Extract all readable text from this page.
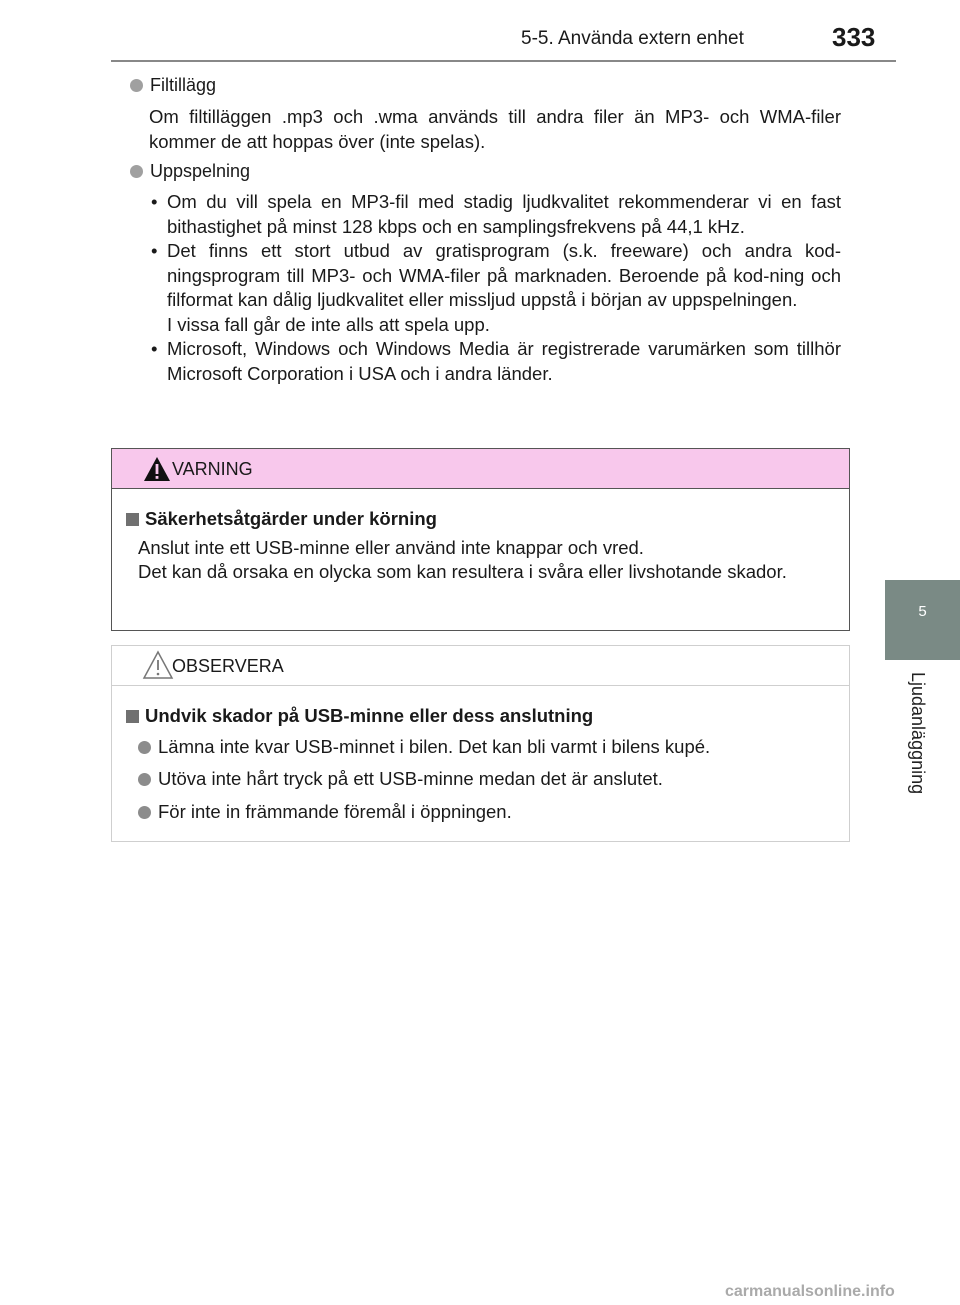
5-5. Använda extern enhet	333
5
Ljudanläggning
Filtillägg
Om filtilläggen .mp3 och .wma används till andra filer än MP3- och WMA-filer kommer de att hoppas över (inte spelas).
Uppspelning
• Om du vill spela en MP3-fil med stadig ljudkvalitet rekommenderar vi en fast bithastighet på minst 128 kbps och en samplingsfrekvens på 44,1 kHz.
• Det finns ett stort utbud av gratisprogram (s.k. freeware) och andra kod-ningsprogram till MP3- och WMA-filer på marknaden. Beroende på kod-ning och filformat kan dålig ljudkvalitet eller missljud uppstå i början av uppspelningen.
I vissa fall går de inte alls att spela upp.
• Microsoft, Windows och Windows Media är registrerade varumärken som tillhör Microsoft Corporation i USA och i andra länder.
VARNING
Säkerhetsåtgärder under körning
Anslut inte ett USB-minne eller använd inte knappar och vred.
Det kan då orsaka en olycka som kan resultera i svåra eller livshotande skador.
OBSERVERA
Undvik skador på USB-minne eller dess anslutning
Lämna inte kvar USB-minnet i bilen. Det kan bli varmt i bilens kupé.
Utöva inte hårt tryck på ett USB-minne medan det är anslutet.
För inte in främmande föremål i öppningen.
carmanualsonline.info
